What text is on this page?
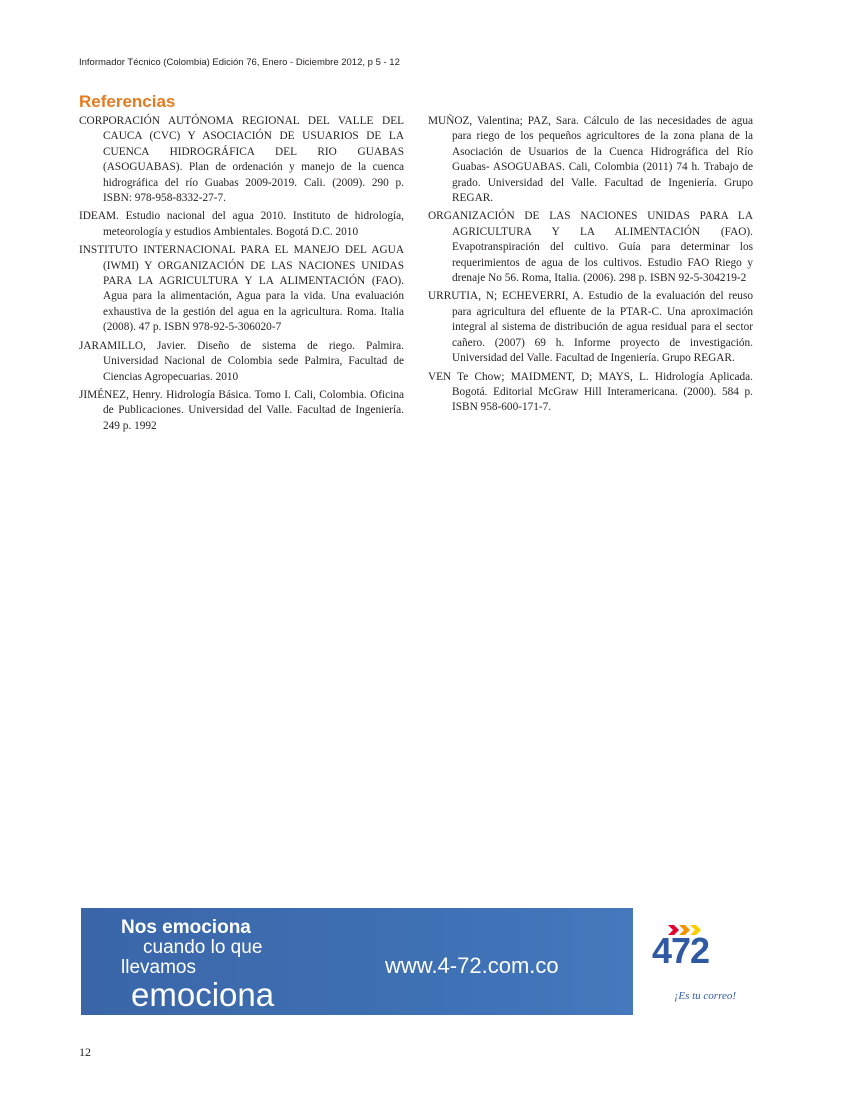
Informador Técnico (Colombia) Edición 76, Enero - Diciembre 2012, p 5 - 12
Referencias

CORPORACIÓN AUTÓNOMA REGIONAL DEL VALLE DEL CAUCA (CVC) Y ASOCIACIÓN DE USUARIOS DE LA CUENCA HIDROGRÁFICA DEL RIO GUABAS (ASOGUABAS). Plan de ordenación y manejo de la cuenca hidrográfica del río Guabas 2009-2019. Cali. (2009). 290 p. ISBN: 978-958-8332-27-7.

IDEAM. Estudio nacional del agua 2010. Instituto de hidrología, meteorología y estudios Ambientales. Bogotá D.C. 2010

INSTITUTO INTERNACIONAL PARA EL MANEJO DEL AGUA (IWMI) Y ORGANIZACIÓN DE LAS NACIONES UNIDAS PARA LA AGRICULTURA Y LA ALIMENTACIÓN (FAO). Agua para la alimentación, Agua para la vida. Una evaluación exhaustiva de la gestión del agua en la agricultura. Roma. Italia (2008). 47 p. ISBN 978-92-5-306020-7

JARAMILLO, Javier. Diseño de sistema de riego. Palmira. Universidad Nacional de Colombia sede Palmira, Facultad de Ciencias Agropecuarias. 2010

JIMÉNEZ, Henry. Hidrología Básica. Tomo I. Cali, Colombia. Oficina de Publicaciones. Universidad del Valle. Facultad de Ingeniería. 249 p. 1992

MUÑOZ, Valentina; PAZ, Sara. Cálculo de las necesidades de agua para riego de los pequeños agricultores de la zona plana de la Asociación de Usuarios de la Cuenca Hidrográfica del Río Guabas- ASOGUABAS. Cali, Colombia (2011) 74 h. Trabajo de grado. Universidad del Valle. Facultad de Ingeniería. Grupo REGAR.

ORGANIZACIÓN DE LAS NACIONES UNIDAS PARA LA AGRICULTURA Y LA ALIMENTACIÓN (FAO). Evapotranspiración del cultivo. Guía para determinar los requerimientos de agua de los cultivos. Estudio FAO Riego y drenaje No 56. Roma, Italia. (2006). 298 p. ISBN 92-5-304219-2

URRUTIA, N; ECHEVERRI, A. Estudio de la evaluación del reuso para agricultura del efluente de la PTAR-C. Una aproximación integral al sistema de distribución de agua residual para el sector cañero. (2007) 69 h. Informe proyecto de investigación. Universidad del Valle. Facultad de Ingeniería. Grupo REGAR.

VEN Te Chow; MAIDMENT, D; MAYS, L. Hidrología Aplicada. Bogotá. Editorial McGraw Hill Interamericana. (2000). 584 p. ISBN 958-600-171-7.

Nos emociona
cuando lo que
llevamos
emociona
www.4-72.com.co	472
¡Es tu correo!
12
